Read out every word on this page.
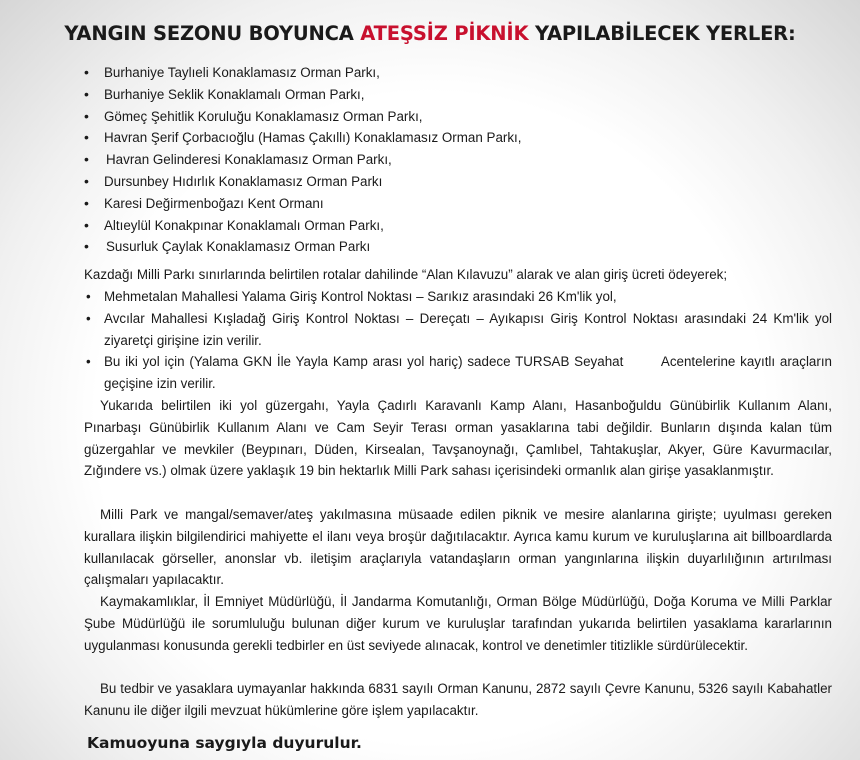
YANGIN SEZONU BOYUNCA ATEŞSİZ PİKNİK YAPILABİLECEK YERLER:
• Burhaniye Taylıeli Konaklamasız Orman Parkı,
• Burhaniye Seklik Konaklamalı Orman Parkı,
• Gömeç Şehitlik Koruluğu Konaklamasız Orman Parkı,
• Havran Şerif Çorbacıoğlu (Hamas Çakıllı) Konaklamasız Orman Parkı,
• Havran Gelinderesi Konaklamasız Orman Parkı,
• Dursunbey Hıdırlık Konaklamasız Orman Parkı
• Karesi Değirmenboğazı Kent Ormanı
• Altıeylül Konakpınar Konaklamalı Orman Parkı,
• Susurluk Çaylak Konaklamasız Orman Parkı
Kazdağı Milli Parkı sınırlarında belirtilen rotalar dahilinde “Alan Kılavuzu” alarak ve alan giriş ücreti ödeyerek;
• Mehmetalan Mahallesi Yalama Giriş Kontrol Noktası – Sarıkız arasındaki 26 Km'lik yol,
• Avcılar Mahallesi Kışladağ Giriş Kontrol Noktası – Dereçatı – Ayıkapısı Giriş Kontrol Noktası arasındaki 24 Km'lik yol ziyaretçi girişine izin verilir.
• Bu iki yol için (Yalama GKN İle Yayla Kamp arası yol hariç) sadece TURSAB Seyahat        Acentelerine kayıtlı araçların geçişine izin verilir.
Yukarıda belirtilen iki yol güzergahı, Yayla Çadırlı Karavanlı Kamp Alanı, Hasanboğuldu Günübirlik Kullanım Alanı, Pınarbaşı Günübirlik Kullanım Alanı ve Cam Seyir Terası orman yasaklarına tabi değildir. Bunların dışında kalan tüm güzergahlar ve mevkiler (Beypınarı, Düden, Kirsealan, Tavşanoynağı, Çamlıbel, Tahtakuşlar, Akyer, Güre Kavurmacılar, Zığındere vs.) olmak üzere yaklaşık 19 bin hektarlık Milli Park sahası içerisindeki ormanlık alan girişe yasaklanmıştır.
Milli Park ve mangal/semaver/ateş yakılmasına müsaade edilen piknik ve mesire alanlarına girişte; uyulması gereken kurallara ilişkin bilgilendirici mahiyette el ilanı veya broşür dağıtılacaktır. Ayrıca kamu kurum ve kuruluşlarına ait billboardlarda kullanılacak görseller, anonslar vb. iletişim araçlarıyla vatandaşların orman yangınlarına ilişkin duyarlılığının artırılması çalışmaları yapılacaktır.
Kaymakamlıklar, İl Emniyet Müdürlüğü, İl Jandarma Komutanlığı, Orman Bölge Müdürlüğü, Doğa Koruma ve Milli Parklar Şube Müdürlüğü ile sorumluluğu bulunan diğer kurum ve kuruluşlar tarafından yukarıda belirtilen yasaklama kararlarının uygulanması konusunda gerekli tedbirler en üst seviyede alınacak, kontrol ve denetimler titizlikle sürdürülecektir.
Bu tedbir ve yasaklara uymayanlar hakkında 6831 sayılı Orman Kanunu, 2872 sayılı Çevre Kanunu, 5326 sayılı Kabahatler Kanunu ile diğer ilgili mevzuat hükümlerine göre işlem yapılacaktır.
Kamuoyuna saygıyla duyurulur.
